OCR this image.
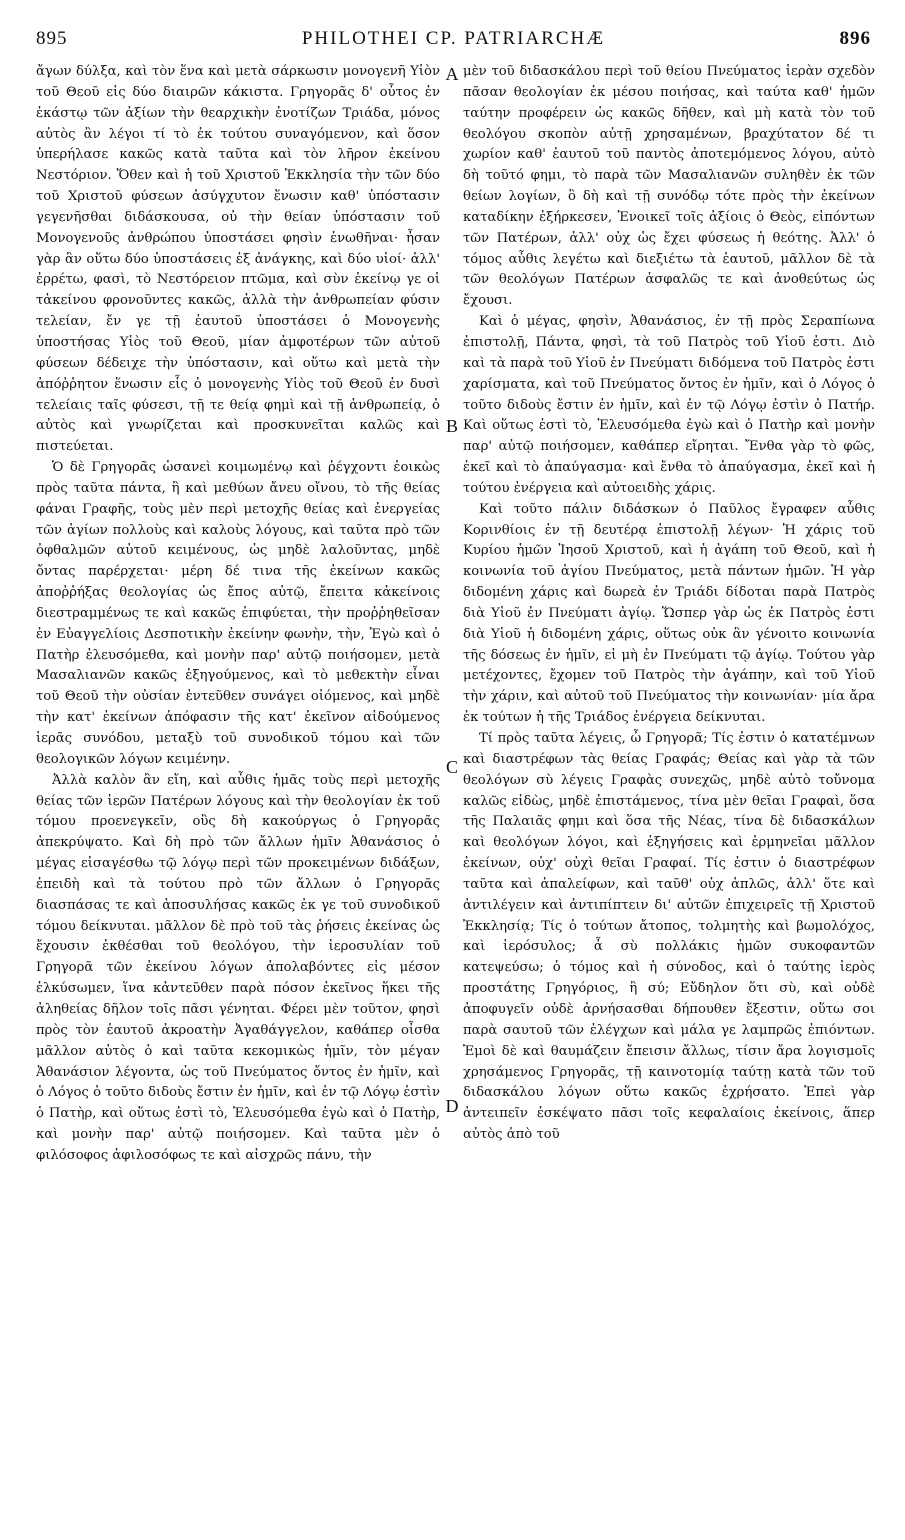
895	PHILOTHEI CP. PATRIARCHÆ	896
A
B
C
D

ἄγων δύλξα, καὶ τὸν ἕνα καὶ μετὰ σάρκωσιν μονογενῆ Υἱὸν τοῦ Θεοῦ εἰς δύο διαιρῶν κάκιστα. Γρηγορᾶς δ' οὗτος ἐν ἑκάστῳ τῶν ἀξίων τὴν θεαρχικὴν ἐνοτίζων Τριάδα, μόνος αὐτὸς ἂν λέγοι τί τὸ ἐκ τούτου συναγόμενον, καὶ ὅσον ὑπερήλασε κακῶς κατὰ ταῦτα καὶ τὸν λῆρον ἐκείνου Νεστόριον. Ὅθεν καὶ ἡ τοῦ Χριστοῦ Ἐκκλησία τὴν τῶν δύο τοῦ Χριστοῦ φύσεων ἀσύγχυτον ἕνωσιν καθ' ὑπόστασιν γεγενῆσθαι διδάσκουσα, οὐ τὴν θείαν ὑπόστασιν τοῦ Μονογενοῦς ἀνθρώπου ὑποστάσει φησὶν ἑνωθῆναι· ἦσαν γὰρ ἂν οὕτω δύο ὑποστάσεις ἐξ ἀνάγκης, καὶ δύο υἱοί· ἀλλ' ἐρρέτω, φασὶ, τὸ Νεστόρειον πτῶμα, καὶ σὺν ἐκείνῳ γε οἱ τἀκείνου φρονοῦντες κακῶς, ἀλλὰ τὴν ἀνθρωπείαν φύσιν τελείαν, ἔν γε τῇ ἑαυτοῦ ὑποστάσει ὁ Μονογενὴς ὑποστήσας Υἱὸς τοῦ Θεοῦ, μίαν ἀμφοτέρων τῶν αὐτοῦ φύσεων δέδειχε τὴν ὑπόστασιν, καὶ οὕτω καὶ μετὰ τὴν ἀπόῤῥητον ἕνωσιν εἷς ὁ μονογενὴς Υἱὸς τοῦ Θεοῦ ἐν δυσὶ τελείαις ταῖς φύσεσι, τῇ τε θείᾳ φημὶ καὶ τῇ ἀνθρωπείᾳ, ὁ αὐτὸς καὶ γνωρίζεται καὶ προσκυνεῖται καλῶς καὶ πιστεύεται.

Ὁ δὲ Γρηγορᾶς ὡσανεὶ κοιμωμένῳ καὶ ῥέγχοντι ἐοικὼς πρὸς ταῦτα πάντα, ἢ καὶ μεθύων ἄνευ οἴνου, τὸ τῆς θείας φάναι Γραφῆς, τοὺς μὲν περὶ μετοχῆς θείας καὶ ἐνεργείας τῶν ἁγίων πολλοὺς καὶ καλοὺς λόγους, καὶ ταῦτα πρὸ τῶν ὀφθαλμῶν αὐτοῦ κειμένους, ὡς μηδὲ λαλοῦντας, μηδὲ ὄντας παρέρχεται· μέρη δέ τινα τῆς ἐκείνων κακῶς ἀποῤῥήξας θεολογίας ὡς ἔπος αὐτῷ, ἔπειτα κἀκείνοις διεστραμμένως τε καὶ κακῶς ἐπιφύεται, τὴν προῤῥηθεῖσαν ἐν Εὐαγγελίοις Δεσποτικὴν ἐκείνην φωνὴν, τὴν, Ἐγὼ καὶ ὁ Πατὴρ ἐλευσόμεθα, καὶ μονὴν παρ' αὐτῷ ποιήσομεν, μετὰ Μασαλιανῶν κακῶς ἐξηγούμενος, καὶ τὸ μεθεκτὴν εἶναι τοῦ Θεοῦ τὴν οὐσίαν ἐντεῦθεν συνάγει οἰόμενος, καὶ μηδὲ τὴν κατ' ἐκείνων ἀπόφασιν τῆς κατ' ἐκεῖνον αἰδούμενος ἱερᾶς συνόδου, μεταξὺ τοῦ συνοδικοῦ τόμου καὶ τῶν θεολογικῶν λόγων κειμένην.

Ἀλλὰ καλὸν ἂν εἴη, καὶ αὖθις ἡμᾶς τοὺς περὶ μετοχῆς θείας τῶν ἱερῶν Πατέρων λόγους καὶ τὴν θεολογίαν ἐκ τοῦ τόμου προενεγκεῖν, οὓς δὴ κακούργως ὁ Γρηγορᾶς ἀπεκρύψατο. Καὶ δὴ πρὸ τῶν ἄλλων ἡμῖν Ἀθανάσιος ὁ μέγας εἰσαγέσθω τῷ λόγῳ περὶ τῶν προκειμένων διδάξων, ἐπειδὴ καὶ τὰ τούτου πρὸ τῶν ἄλλων ὁ Γρηγορᾶς διασπάσας τε καὶ ἀποσυλήσας κακῶς ἐκ γε τοῦ συνοδικοῦ τόμου δείκνυται. μᾶλλον δὲ πρὸ τοῦ τὰς ῥήσεις ἐκείνας ὡς ἔχουσιν ἐκθέσθαι τοῦ θεολόγου, τὴν ἱεροσυλίαν τοῦ Γρηγορᾶ τῶν ἐκείνου λόγων ἀπολαβόντες εἰς μέσον ἑλκύσωμεν, ἵνα κἀντεῦθεν παρὰ πόσον ἐκεῖνος ἥκει τῆς ἀληθείας δῆλον τοῖς πᾶσι γένηται. Φέρει μὲν τοῦτον, φησὶ πρὸς τὸν ἑαυτοῦ ἀκροατὴν Ἀγαθάγγελον, καθάπερ οἶσθα μᾶλλον αὐτὸς ὁ καὶ ταῦτα κεκομικὼς ἡμῖν, τὸν μέγαν Ἀθανάσιον λέγοντα, ὡς τοῦ Πνεύματος ὄντος ἐν ἡμῖν, καὶ ὁ Λόγος ὁ τοῦτο διδοὺς ἔστιν ἐν ἡμῖν, καὶ ἐν τῷ Λόγῳ ἐστὶν ὁ Πατὴρ, καὶ οὕτως ἐστὶ τὸ, Ἐλευσόμεθα ἐγὼ καὶ ὁ Πατὴρ, καὶ μονὴν παρ' αὐτῷ ποιήσομεν. Καὶ ταῦτα μὲν ὁ φιλόσοφος ἀφιλοσόφως τε καὶ αἰσχρῶς πάνυ, τὴν

μὲν τοῦ διδασκάλου περὶ τοῦ θείου Πνεύματος ἱερὰν σχεδὸν πᾶσαν θεολογίαν ἐκ μέσου ποιήσας, καὶ ταύτα καθ' ἡμῶν ταύτην προφέρειν ὡς κακῶς δῆθεν, καὶ μὴ κατὰ τὸν τοῦ θεολόγου σκοπὸν αὐτῇ χρησαμένων, βραχύτατον δέ τι χωρίον καθ' ἑαυτοῦ τοῦ παντὸς ἀποτεμόμενος λόγου, αὐτὸ δὴ τοῦτό φημι, τὸ παρὰ τῶν Μασαλιανῶν συληθὲν ἐκ τῶν θείων λογίων, ὃ δὴ καὶ τῇ συνόδῳ τότε πρὸς τὴν ἐκείνων καταδίκην ἐξήρκεσεν, Ἐνοικεῖ τοῖς ἀξίοις ὁ Θεὸς, εἰπόντων τῶν Πατέρων, ἀλλ' οὐχ ὡς ἔχει φύσεως ἡ θεότης. Ἀλλ' ὁ τόμος αὖθις λεγέτω καὶ διεξιέτω τὰ ἑαυτοῦ, μᾶλλον δὲ τὰ τῶν θεολόγων Πατέρων ἀσφαλῶς τε καὶ ἀνοθεύτως ὡς ἔχουσι.

Καὶ ὁ μέγας, φησὶν, Ἀθανάσιος, ἐν τῇ πρὸς Σεραπίωνα ἐπιστολῇ, Πάντα, φησὶ, τὰ τοῦ Πατρὸς τοῦ Υἱοῦ ἐστι. Διὸ καὶ τὰ παρὰ τοῦ Υἱοῦ ἐν Πνεύματι διδόμενα τοῦ Πατρὸς ἐστι χαρίσματα, καὶ τοῦ Πνεύματος ὄντος ἐν ἡμῖν, καὶ ὁ Λόγος ὁ τοῦτο διδοὺς ἔστιν ἐν ἡμῖν, καὶ ἐν τῷ Λόγῳ ἐστὶν ὁ Πατήρ. Καὶ οὕτως ἐστὶ τὸ, Ἐλευσόμεθα ἐγὼ καὶ ὁ Πατὴρ καὶ μονὴν παρ' αὐτῷ ποιήσομεν, καθάπερ εἴρηται. Ἔνθα γὰρ τὸ φῶς, ἐκεῖ καὶ τὸ ἀπαύγασμα· καὶ ἔνθα τὸ ἀπαύγασμα, ἐκεῖ καὶ ἡ τούτου ἐνέργεια καὶ αὐτοειδὴς χάρις.

Καὶ τοῦτο πάλιν διδάσκων ὁ Παῦλος ἔγραφεν αὖθις Κορινθίοις ἐν τῇ δευτέρᾳ ἐπιστολῇ λέγων· Ἡ χάρις τοῦ Κυρίου ἡμῶν Ἰησοῦ Χριστοῦ, καὶ ἡ ἀγάπη τοῦ Θεοῦ, καὶ ἡ κοινωνία τοῦ ἁγίου Πνεύματος, μετὰ πάντων ἡμῶν. Ἡ γὰρ διδομένη χάρις καὶ δωρεὰ ἐν Τριάδι δίδοται παρὰ Πατρὸς διὰ Υἱοῦ ἐν Πνεύματι ἁγίῳ. Ὥσπερ γὰρ ὡς ἐκ Πατρὸς ἐστι διὰ Υἱοῦ ἡ διδομένη χάρις, οὕτως οὐκ ἂν γένοιτο κοινωνία τῆς δόσεως ἐν ἡμῖν, εἰ μὴ ἐν Πνεύματι τῷ ἁγίῳ. Τούτου γὰρ μετέχοντες, ἔχομεν τοῦ Πατρὸς τὴν ἀγάπην, καὶ τοῦ Υἱοῦ τὴν χάριν, καὶ αὐτοῦ τοῦ Πνεύματος τὴν κοινωνίαν· μία ἄρα ἐκ τούτων ἡ τῆς Τριάδος ἐνέργεια δείκνυται.

Τί πρὸς ταῦτα λέγεις, ὦ Γρηγορᾶ; Τίς ἐστιν ὁ κατατέμνων καὶ διαστρέφων τὰς θείας Γραφάς; Θείας καὶ γὰρ τὰ τῶν θεολόγων σὺ λέγεις Γραφὰς συνεχῶς, μηδὲ αὐτὸ τοὔνομα καλῶς εἰδὼς, μηδὲ ἐπιστάμενος, τίνα μὲν θεῖαι Γραφαὶ, ὅσα τῆς Παλαιᾶς φημι καὶ ὅσα τῆς Νέας, τίνα δὲ διδασκάλων καὶ θεολόγων λόγοι, καὶ ἐξηγήσεις καὶ ἑρμηνεῖαι μᾶλλον ἐκείνων, οὐχ' οὐχὶ θεῖαι Γραφαί. Τίς ἐστιν ὁ διαστρέφων ταῦτα καὶ ἀπαλείφων, καὶ ταῦθ' οὐχ ἁπλῶς, ἀλλ' ὅτε καὶ ἀντιλέγειν καὶ ἀντιπίπτειν δι' αὐτῶν ἐπιχειρεῖς τῇ Χριστοῦ Ἐκκλησίᾳ; Τίς ὁ τούτων ἄτοπος, τολμητὴς καὶ βωμολόχος, καὶ ἱερόσυλος; ἆ σὺ πολλάκις ἡμῶν συκοφαντῶν κατεψεύσω; ὁ τόμος καὶ ἡ σύνοδος, καὶ ὁ ταύτης ἱερὸς προστάτης Γρηγόριος, ἢ σύ; Εὔδηλον ὅτι σὺ, καὶ οὐδὲ ἀποφυγεῖν οὐδὲ ἀρνήσασθαι δήπουθεν ἔξεστιν, οὕτω σοι παρὰ σαυτοῦ τῶν ἐλέγχων καὶ μάλα γε λαμπρῶς ἐπιόντων. Ἐμοὶ δὲ καὶ θαυμάζειν ἔπεισιν ἄλλως, τίσιν ἄρα λογισμοῖς χρησάμενος Γρηγορᾶς, τῇ καινοτομίᾳ ταύτῃ κατὰ τῶν τοῦ διδασκάλου λόγων οὕτω κακῶς ἐχρήσατο. Ἐπεὶ γὰρ ἀντειπεῖν ἐσκέψατο πᾶσι τοῖς κεφαλαίοις ἐκείνοις, ἅπερ αὐτὸς ἀπὸ τοῦ
